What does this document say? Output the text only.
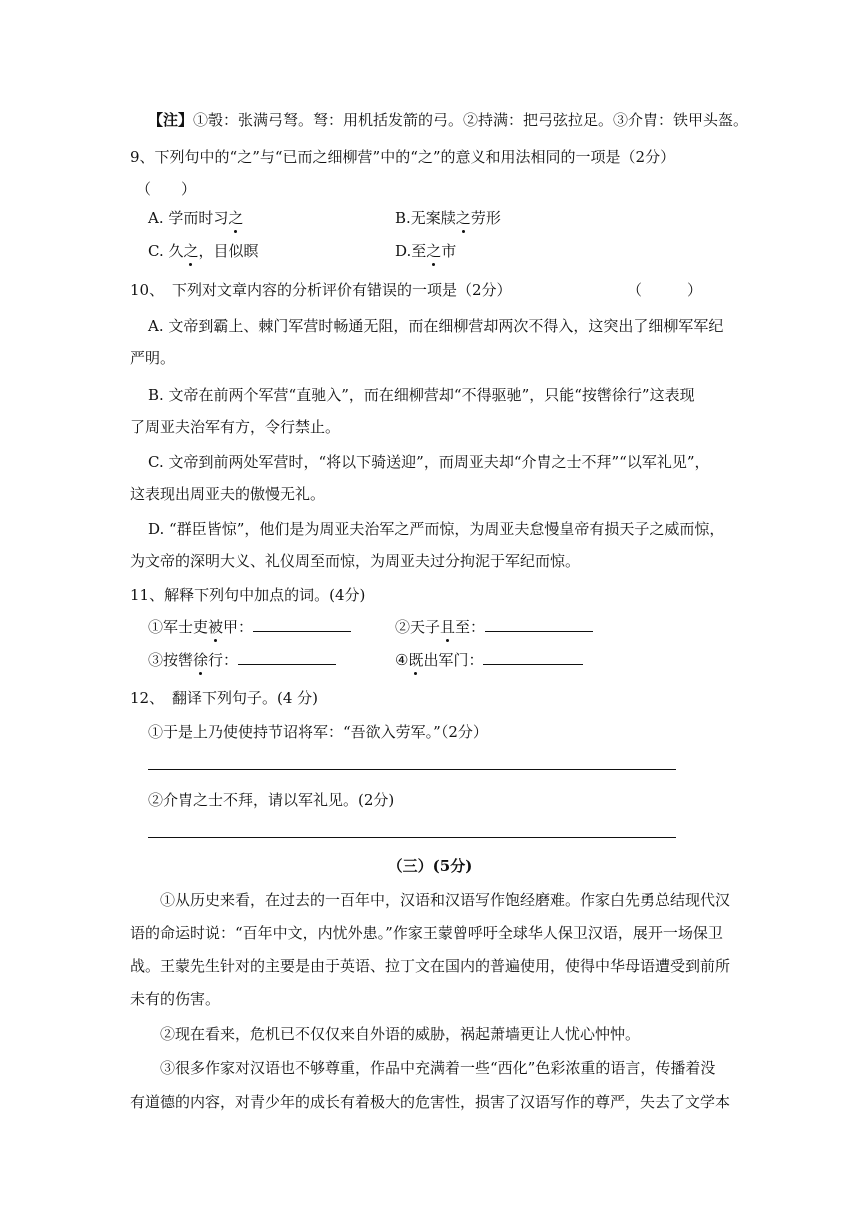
【注】①彀：张满弓弩。弩：用机括发箭的弓。②持满：把弓弦拉足。③介胄：铁甲头盔。
9、下列句中的“之”与“已而之细柳营”中的“之”的意义和用法相同的一项是（2分）
（　　）
A. 学而时习之	B.无案牍之劳形
C. 久之，目似瞑	D.至之市
10、 下列对文章内容的分析评价有错误的一项是（2分）	（　　　）
A. 文帝到霸上、棘门军营时畅通无阻，而在细柳营却两次不得入，这突出了细柳军军纪
严明。
B. 文帝在前两个军营“直驰入”，而在细柳营却“不得驱驰”，只能“按辔徐行”这表现
了周亚夫治军有方，令行禁止。
C. 文帝到前两处军营时，“将以下骑送迎”，而周亚夫却“介胄之士不拜”“以军礼见”，
这表现出周亚夫的傲慢无礼。
D. “群臣皆惊”，他们是为周亚夫治军之严而惊，为周亚夫怠慢皇帝有损天子之威而惊，
为文帝的深明大义、礼仪周至而惊，为周亚夫过分拘泥于军纪而惊。
11、解释下列句中加点的词。(4分)
①军士吏被甲：	②天子且至：
③按辔徐行：	④既出军门：
12、 翻译下列句子。(4 分)
①于是上乃使使持节诏将军：“吾欲入劳军。”（2分）
②介胄之士不拜，请以军礼见。(2分)
（三）(5分)
①从历史来看，在过去的一百年中，汉语和汉语写作饱经磨难。作家白先勇总结现代汉
语的命运时说：“百年中文，内忧外患。”作家王蒙曾呼吁全球华人保卫汉语，展开一场保卫
战。王蒙先生针对的主要是由于英语、拉丁文在国内的普遍使用，使得中华母语遭受到前所
未有的伤害。
②现在看来，危机已不仅仅来自外语的威胁，祸起萧墙更让人忧心忡忡。
③很多作家对汉语也不够尊重，作品中充满着一些“西化”色彩浓重的语言，传播着没
有道德的内容，对青少年的成长有着极大的危害性，损害了汉语写作的尊严，失去了文学本
